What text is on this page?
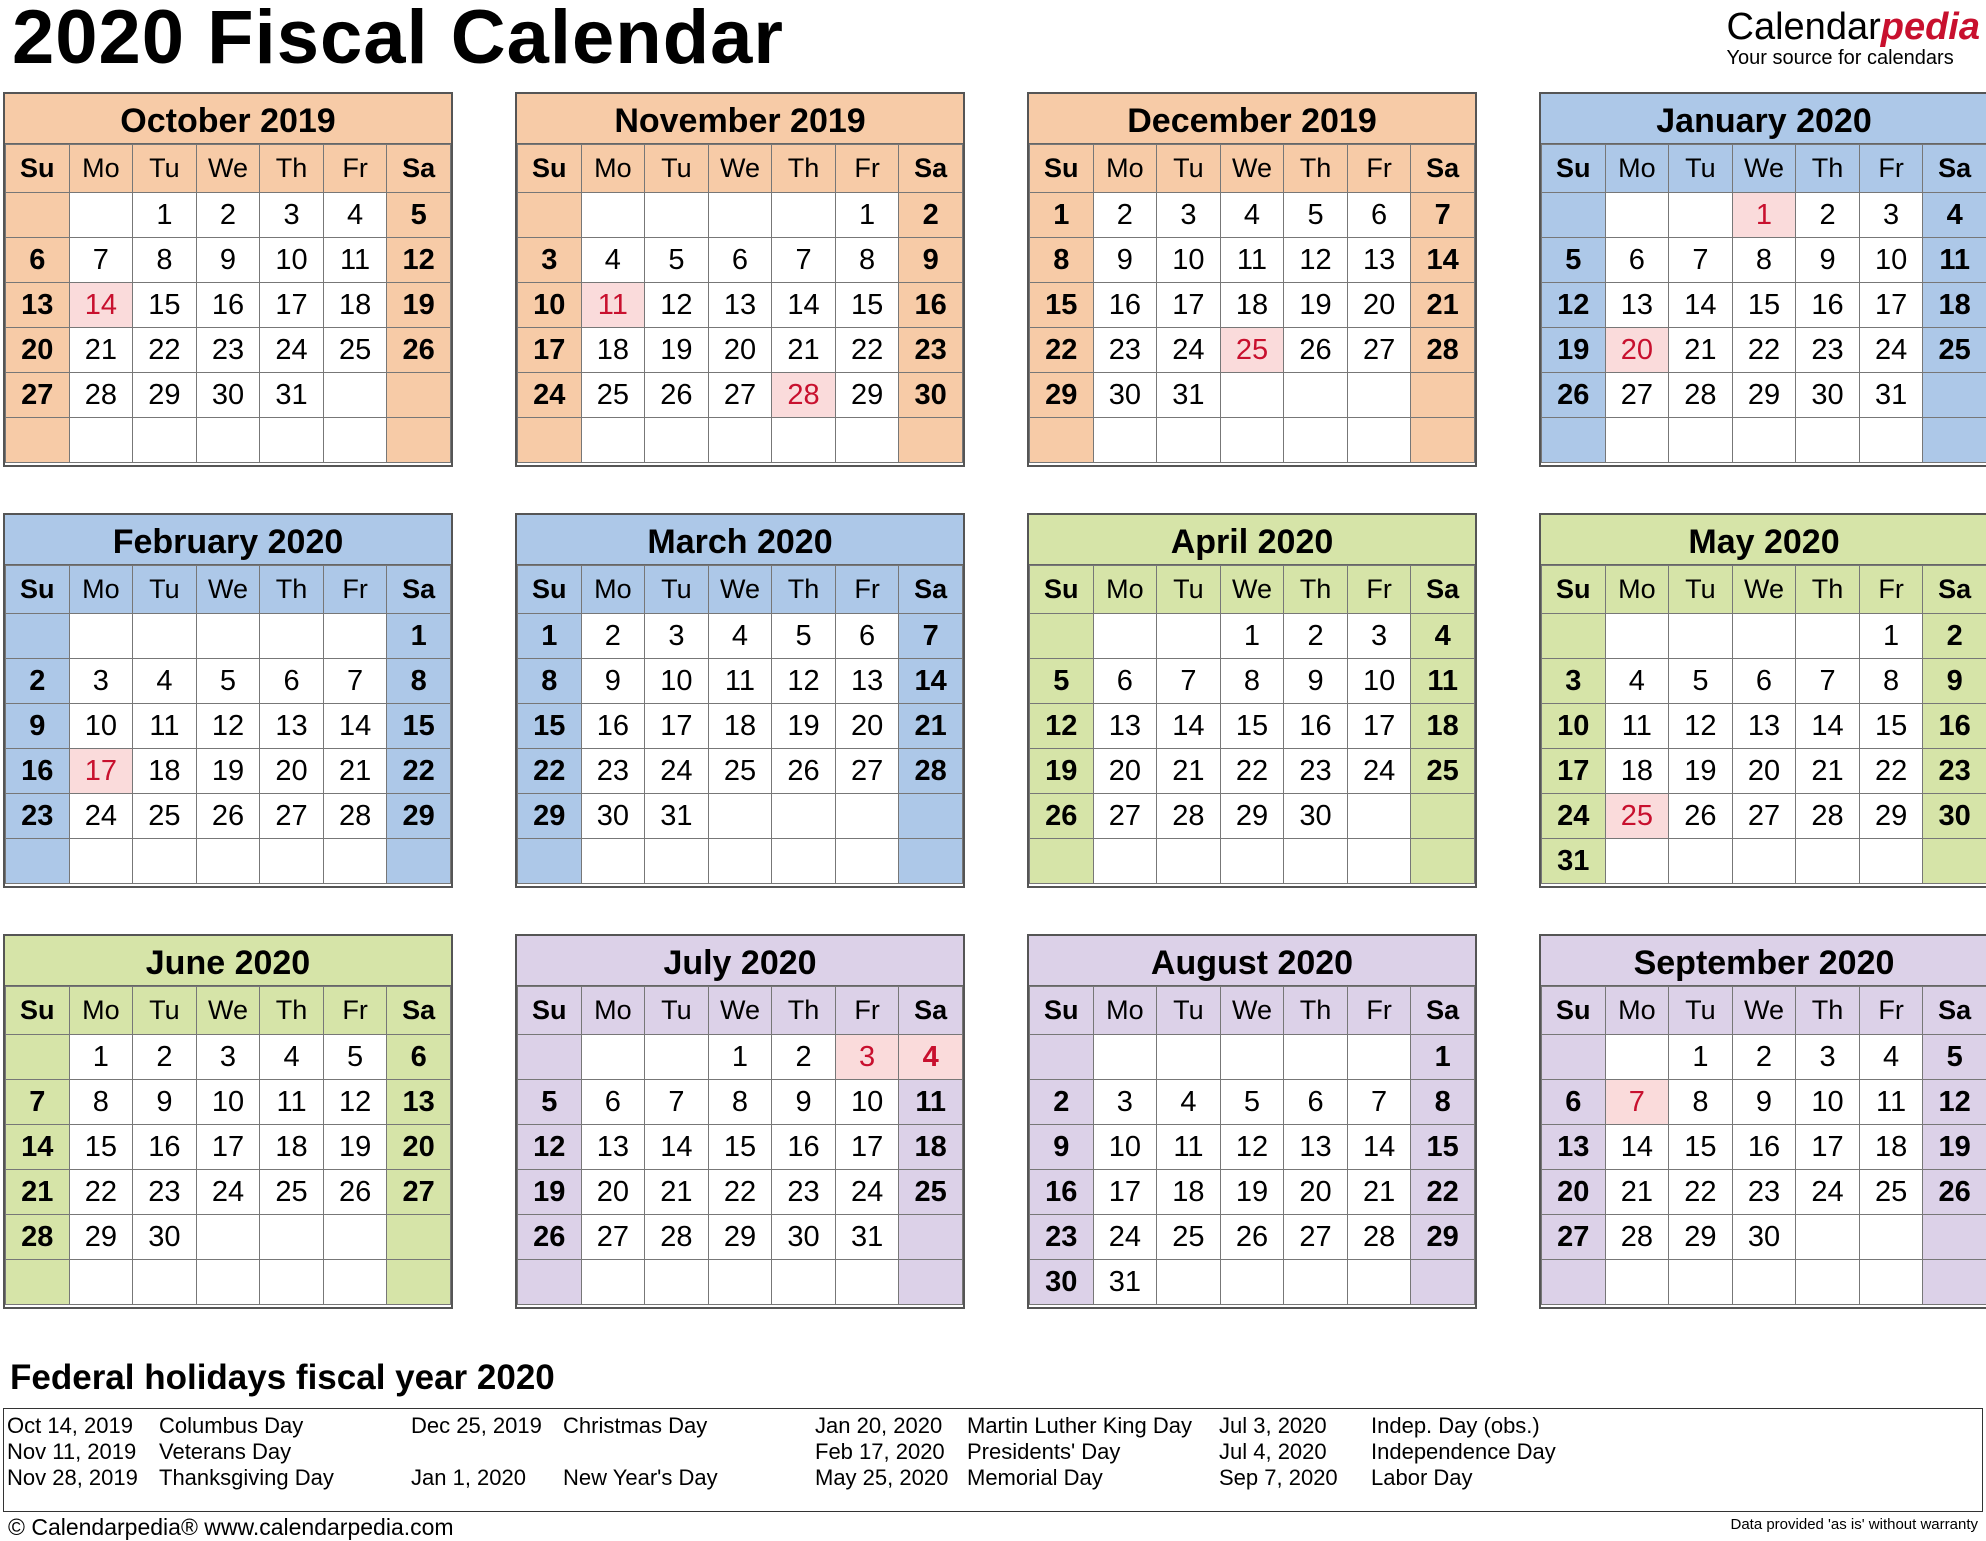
2020 Fiscal Calendar	Calendarpedia
Your source for calendars
October 2019
Su	Mo	Tu	We	Th	Fr	Sa
		1	2	3	4	5
6	7	8	9	10	11	12
13	14	15	16	17	18	19
20	21	22	23	24	25	26
27	28	29	30	31		

November 2019
Su	Mo	Tu	We	Th	Fr	Sa
					1	2
3	4	5	6	7	8	9
10	11	12	13	14	15	16
17	18	19	20	21	22	23
24	25	26	27	28	29	30

December 2019
Su	Mo	Tu	We	Th	Fr	Sa
1	2	3	4	5	6	7
8	9	10	11	12	13	14
15	16	17	18	19	20	21
22	23	24	25	26	27	28
29	30	31				

January 2020
Su	Mo	Tu	We	Th	Fr	Sa
			1	2	3	4
5	6	7	8	9	10	11
12	13	14	15	16	17	18
19	20	21	22	23	24	25
26	27	28	29	30	31	

February 2020
Su	Mo	Tu	We	Th	Fr	Sa
						1
2	3	4	5	6	7	8
9	10	11	12	13	14	15
16	17	18	19	20	21	22
23	24	25	26	27	28	29

March 2020
Su	Mo	Tu	We	Th	Fr	Sa
1	2	3	4	5	6	7
8	9	10	11	12	13	14
15	16	17	18	19	20	21
22	23	24	25	26	27	28
29	30	31				

April 2020
Su	Mo	Tu	We	Th	Fr	Sa
			1	2	3	4
5	6	7	8	9	10	11
12	13	14	15	16	17	18
19	20	21	22	23	24	25
26	27	28	29	30		

May 2020
Su	Mo	Tu	We	Th	Fr	Sa
					1	2
3	4	5	6	7	8	9
10	11	12	13	14	15	16
17	18	19	20	21	22	23
24	25	26	27	28	29	30
31						
June 2020
Su	Mo	Tu	We	Th	Fr	Sa
	1	2	3	4	5	6
7	8	9	10	11	12	13
14	15	16	17	18	19	20
21	22	23	24	25	26	27
28	29	30				

July 2020
Su	Mo	Tu	We	Th	Fr	Sa
			1	2	3	4
5	6	7	8	9	10	11
12	13	14	15	16	17	18
19	20	21	22	23	24	25
26	27	28	29	30	31	

August 2020
Su	Mo	Tu	We	Th	Fr	Sa
						1
2	3	4	5	6	7	8
9	10	11	12	13	14	15
16	17	18	19	20	21	22
23	24	25	26	27	28	29
30	31					
September 2020
Su	Mo	Tu	We	Th	Fr	Sa
		1	2	3	4	5
6	7	8	9	10	11	12
13	14	15	16	17	18	19
20	21	22	23	24	25	26
27	28	29	30			

Federal holidays fiscal year 2020
Oct 14, 2019 Columbus Day
Nov 11, 2019 Veterans Day
Nov 28, 2019 Thanksgiving Day
Dec 25, 2019 Christmas Day
Jan 1, 2020 New Year's Day
Jan 20, 2020 Martin Luther King Day
Feb 17, 2020 Presidents' Day
May 25, 2020 Memorial Day
Jul 3, 2020 Indep. Day (obs.)
Jul 4, 2020 Independence Day
Sep 7, 2020 Labor Day
© Calendarpedia® www.calendarpedia.com	Data provided 'as is' without warranty
